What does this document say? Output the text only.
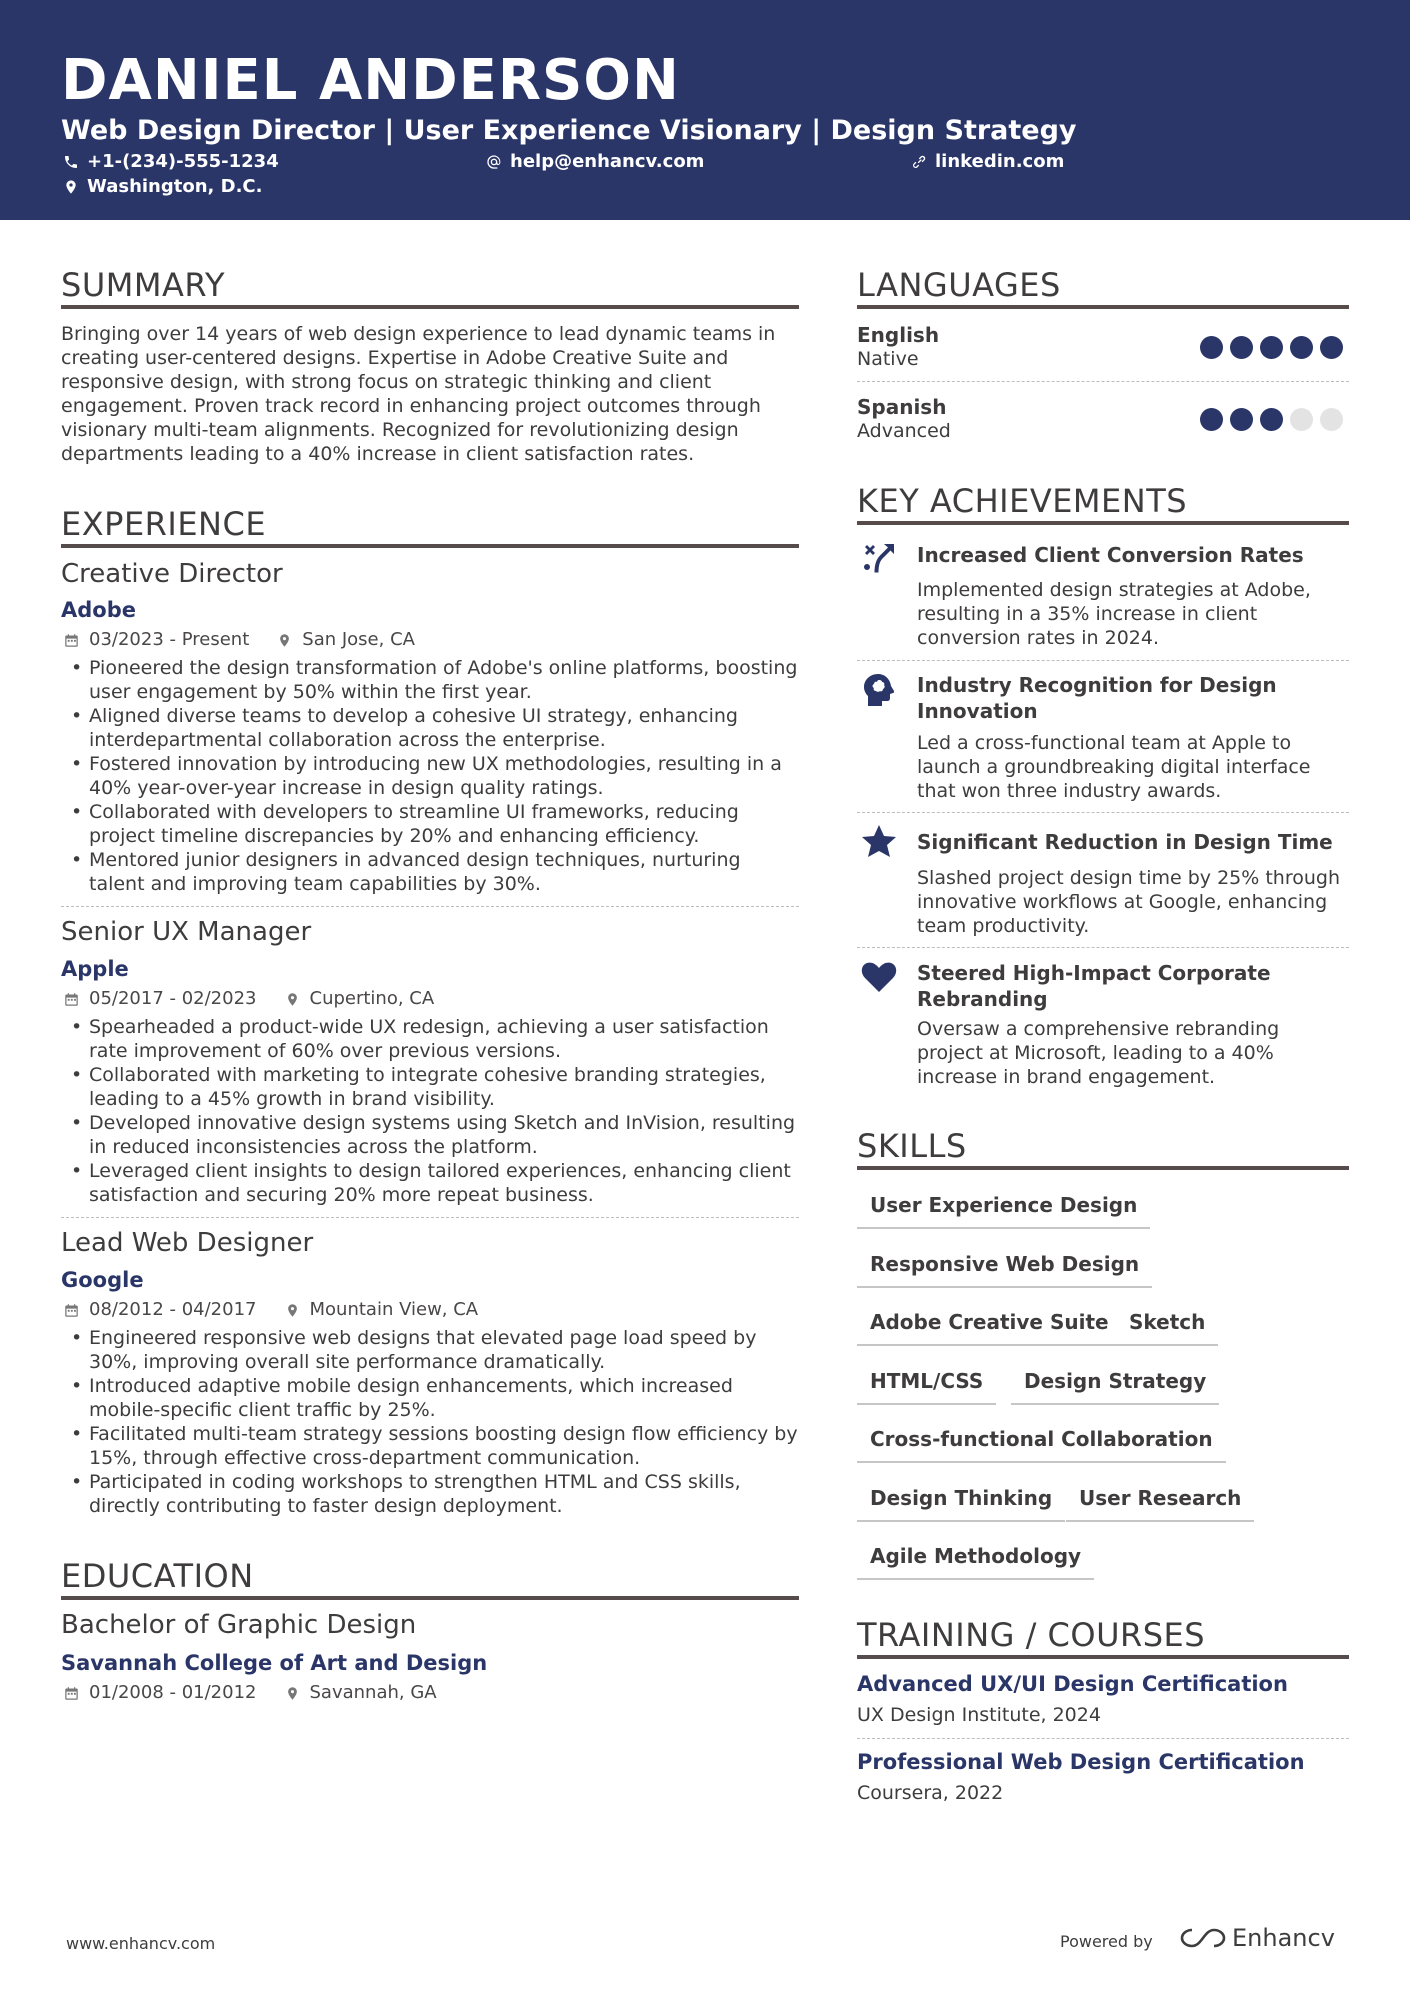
DANIEL ANDERSON
Web Design Director | User Experience Visionary | Design Strategy
+1-(234)-555-1234	help@enhancv.com	linkedin.com
Washington, D.C.
SUMMARY
Bringing over 14 years of web design experience to lead dynamic teams in creating user-centered designs. Expertise in Adobe Creative Suite and responsive design, with strong focus on strategic thinking and client engagement. Proven track record in enhancing project outcomes through visionary multi-team alignments. Recognized for revolutionizing design departments leading to a 40% increase in client satisfaction rates.
EXPERIENCE
Creative Director
Adobe
03/2023 - Present	San Jose, CA
• Pioneered the design transformation of Adobe's online platforms, boosting user engagement by 50% within the first year.
• Aligned diverse teams to develop a cohesive UI strategy, enhancing interdepartmental collaboration across the enterprise.
• Fostered innovation by introducing new UX methodologies, resulting in a 40% year-over-year increase in design quality ratings.
• Collaborated with developers to streamline UI frameworks, reducing project timeline discrepancies by 20% and enhancing efficiency.
• Mentored junior designers in advanced design techniques, nurturing talent and improving team capabilities by 30%.
Senior UX Manager
Apple
05/2017 - 02/2023	Cupertino, CA
• Spearheaded a product-wide UX redesign, achieving a user satisfaction rate improvement of 60% over previous versions.
• Collaborated with marketing to integrate cohesive branding strategies, leading to a 45% growth in brand visibility.
• Developed innovative design systems using Sketch and InVision, resulting in reduced inconsistencies across the platform.
• Leveraged client insights to design tailored experiences, enhancing client satisfaction and securing 20% more repeat business.
Lead Web Designer
Google
08/2012 - 04/2017	Mountain View, CA
• Engineered responsive web designs that elevated page load speed by 30%, improving overall site performance dramatically.
• Introduced adaptive mobile design enhancements, which increased mobile-specific client traffic by 25%.
• Facilitated multi-team strategy sessions boosting design flow efficiency by 15%, through effective cross-department communication.
• Participated in coding workshops to strengthen HTML and CSS skills, directly contributing to faster design deployment.
EDUCATION
Bachelor of Graphic Design
Savannah College of Art and Design
01/2008 - 01/2012	Savannah, GA
LANGUAGES
English
Native
Spanish
Advanced
KEY ACHIEVEMENTS
Increased Client Conversion Rates
Implemented design strategies at Adobe, resulting in a 35% increase in client conversion rates in 2024.
Industry Recognition for Design Innovation
Led a cross-functional team at Apple to launch a groundbreaking digital interface that won three industry awards.
Significant Reduction in Design Time
Slashed project design time by 25% through innovative workflows at Google, enhancing team productivity.
Steered High-Impact Corporate Rebranding
Oversaw a comprehensive rebranding project at Microsoft, leading to a 40% increase in brand engagement.
SKILLS
User Experience Design
Responsive Web Design
Adobe Creative Suite	Sketch
HTML/CSS	Design Strategy
Cross-functional Collaboration
Design Thinking	User Research
Agile Methodology
TRAINING / COURSES
Advanced UX/UI Design Certification
UX Design Institute, 2024
Professional Web Design Certification
Coursera, 2022
www.enhancv.com	Powered by	Enhancv
